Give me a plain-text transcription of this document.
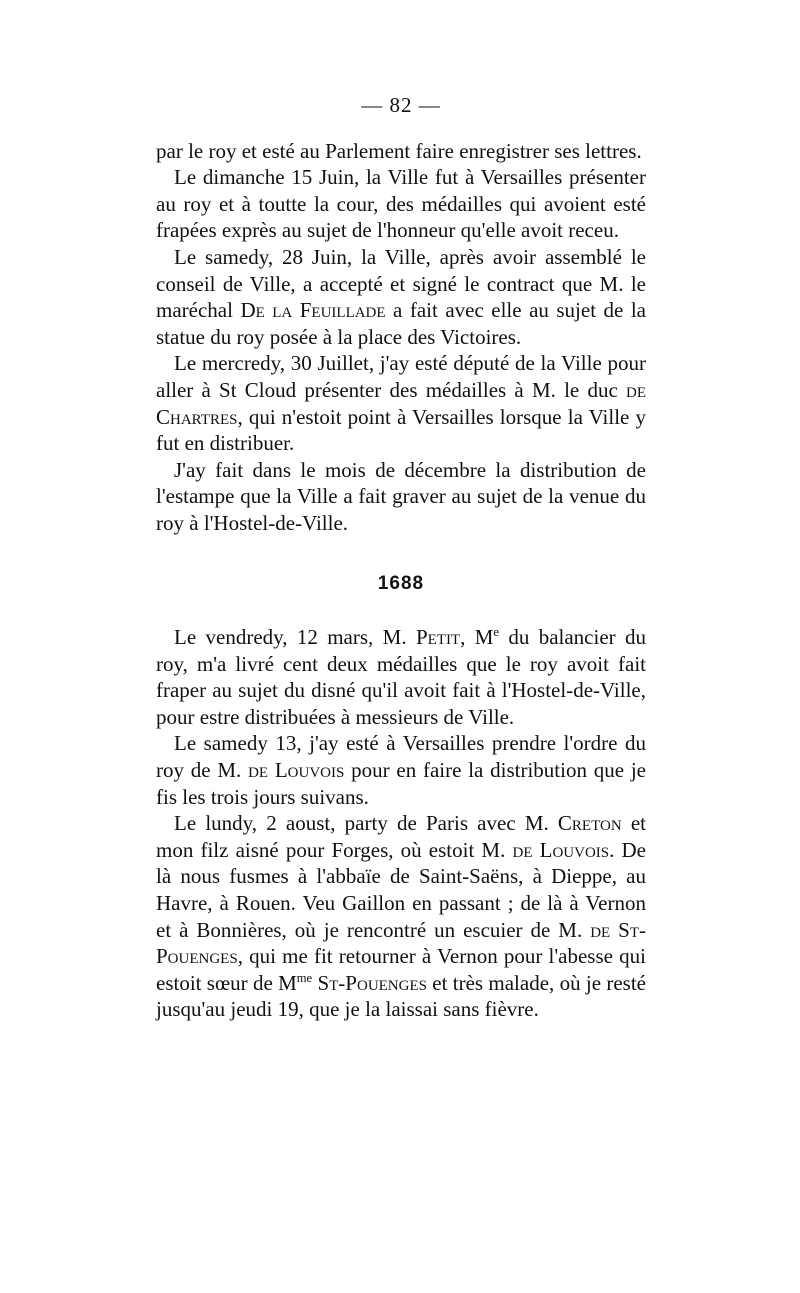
— 82 —

par le roy et esté au Parlement faire enregistrer ses lettres.

Le dimanche 15 Juin, la Ville fut à Versailles présenter au roy et à toutte la cour, des médailles qui avoient esté frapées exprès au sujet de l'honneur qu'elle avoit receu.

Le samedy, 28 Juin, la Ville, après avoir assemblé le conseil de Ville, a accepté et signé le contract que M. le maréchal De la Feuillade a fait avec elle au sujet de la statue du roy posée à la place des Victoires.

Le mercredy, 30 Juillet, j'ay esté député de la Ville pour aller à St Cloud présenter des médailles à M. le duc de Chartres, qui n'estoit point à Versailles lorsque la Ville y fut en distribuer.

J'ay fait dans le mois de décembre la distribution de l'estampe que la Ville a fait graver au sujet de la venue du roy à l'Hostel-de-Ville.

1688

Le vendredy, 12 mars, M. Petit, Me du balancier du roy, m'a livré cent deux médailles que le roy avoit fait fraper au sujet du disné qu'il avoit fait à l'Hostel-de-Ville, pour estre distribuées à messieurs de Ville.

Le samedy 13, j'ay esté à Versailles prendre l'ordre du roy de M. de Louvois pour en faire la distribution que je fis les trois jours suivans.

Le lundy, 2 aoust, party de Paris avec M. Creton et mon filz aisné pour Forges, où estoit M. de Louvois. De là nous fusmes à l'abbaïe de Saint-Saëns, à Dieppe, au Havre, à Rouen. Veu Gaillon en passant ; de là à Vernon et à Bonnières, où je rencontré un escuier de M. de St-Pouenges, qui me fit retourner à Vernon pour l'abesse qui estoit sœur de $M^{me}$ St-Pouenges et très malade, où je resté jusqu'au jeudi 19, que je la laissai sans fièvre.
